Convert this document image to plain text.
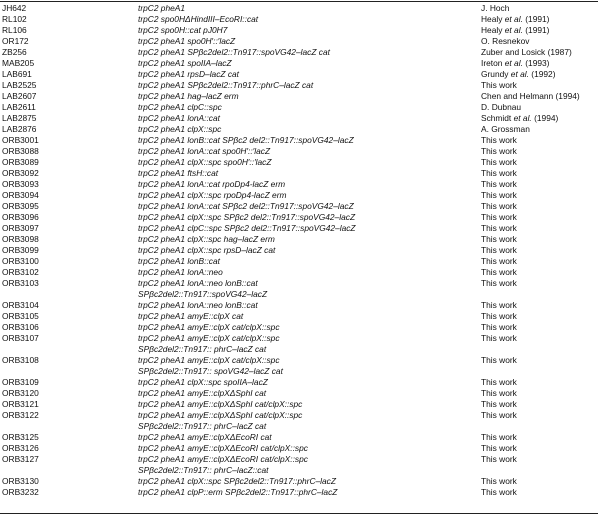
JH642	trpC2 pheA1	J. Hoch
RL102	trpC2 spo0HΔHindIII–EcoRI::cat	Healy et al. (1991)
RL106	trpC2 spo0H::cat pJ0H7	Healy et al. (1991)
OR172	trpC2 pheA1 spo0H′::′lacZ	O. Resnekov
ZB256	trpC2 pheA1 SPβc2del2::Tn917::spoVG42–lacZ cat	Zuber and Losick (1987)
MAB205	trpC2 pheA1 spoIIA–lacZ	Ireton et al. (1993)
LAB691	trpC2 pheA1 rpsD–lacZ cat	Grundy et al. (1992)
LAB2525	trpC2 pheA1 SPβc2del2::Tn917::phrC–lacZ cat	This work
LAB2607	trpC2 pheA1 hag–lacZ erm	Chen and Helmann (1994)
LAB2611	trpC2 pheA1 clpC::spc	D. Dubnau
LAB2875	trpC2 pheA1 lonA::cat	Schmidt et al. (1994)
LAB2876	trpC2 pheA1 clpX::spc	A. Grossman
ORB3001	trpC2 pheA1 lonB::cat SPβc2 del2::Tn917::spoVG42–lacZ	This work
ORB3088	trpC2 pheA1 lonA::cat spo0H′::′lacZ	This work
ORB3089	trpC2 pheA1 clpX::spc spo0H′::′lacZ	This work
ORB3092	trpC2 pheA1 ftsH::cat	This work
ORB3093	trpC2 pheA1 lonA::cat rpoDp4-lacZ erm	This work
ORB3094	trpC2 pheA1 clpX::spc rpoDp4-lacZ erm	This work
ORB3095	trpC2 pheA1 lonA::cat SPβc2 del2::Tn917::spoVG42–lacZ	This work
ORB3096	trpC2 pheA1 clpX::spc SPβc2 del2::Tn917::spoVG42–lacZ	This work
ORB3097	trpC2 pheA1 clpC::spc SPβc2 del2::Tn917::spoVG42–lacZ	This work
ORB3098	trpC2 pheA1 clpX::spc hag–lacZ erm	This work
ORB3099	trpC2 pheA1 clpX::spc rpsD–lacZ cat	This work
ORB3100	trpC2 pheA1 lonB::cat	This work
ORB3102	trpC2 pheA1 lonA::neo	This work
ORB3103	trpC2 pheA1 lonA::neo lonB::cat	This work
SPβc2del2::Tn917::spoVG42–lacZ
ORB3104	trpC2 pheA1 lonA::neo lonB::cat	This work
ORB3105	trpC2 pheA1 amyE::clpX cat	This work
ORB3106	trpC2 pheA1 amyE::clpX cat/clpX::spc	This work
ORB3107	trpC2 pheA1 amyE::clpX cat/clpX::spc	This work
SPβc2del2::Tn917:: phrC–lacZ cat
ORB3108	trpC2 pheA1 amyE::clpX cat/clpX::spc	This work
SPβc2del2::Tn917:: spoVG42–lacZ cat
ORB3109	trpC2 pheA1 clpX::spc spoIIA–lacZ	This work
ORB3120	trpC2 pheA1 amyE::clpXΔSphI cat	This work
ORB3121	trpC2 pheA1 amyE::clpXΔSphI cat/clpX::spc	This work
ORB3122	trpC2 pheA1 amyE::clpXΔSphI cat/clpX::spc	This work
SPβc2del2::Tn917:: phrC–lacZ cat
ORB3125	trpC2 pheA1 amyE::clpXΔEcoRI cat	This work
ORB3126	trpC2 pheA1 amyE::clpXΔEcoRI cat/clpX::spc	This work
ORB3127	trpC2 pheA1 amyE::clpXΔEcoRI cat/clpX::spc	This work
SPβc2del2::Tn917:: phrC–lacZ::cat
ORB3130	trpC2 pheA1 clpX::spc SPβc2del2::Tn917::phrC–lacZ	This work
ORB3232	trpC2 pheA1 clpP::erm SPβc2del2::Tn917::phrC–lacZ	This work
